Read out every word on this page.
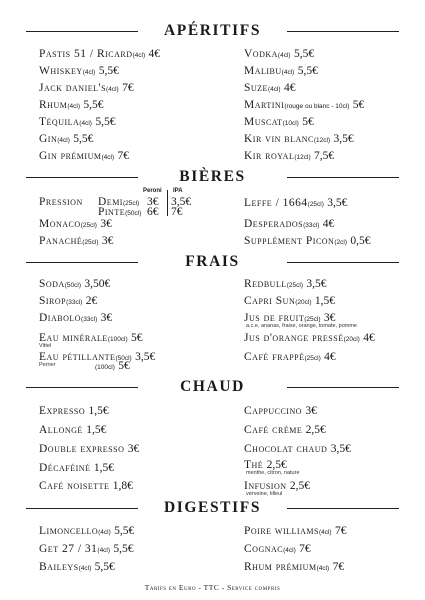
APÉRITIFS
BIÈRES
Peroni IPA
Pression Demi(25cl) 3€ 3,5€
Pinte(50cl) 6€ 7€
FRAIS
CHAUD
DIGESTIFS
Tarifs en Euro - TTC - Service compris
Pastis 51 / Ricard(4cl) 4€
Whiskey(4cl) 5,5€
Jack daniel's(4cl) 7€
Rhum(4cl) 5,5€
Téquila(4cl) 5,5€
Gin(4cl) 5,5€
Gin prémium(4cl) 7€
Vodka(4cl) 5,5€
Malibu(4cl) 5,5€
Suze(4cl) 4€
Martini(rouge ou blanc - 10cl) 5€
Muscat(10cl) 5€
Kir vin blanc(12cl) 3,5€
Kir royal(12cl) 7,5€
Monaco(25cl) 3€
Panaché(25cl) 3€
Leffe / 1664(25cl) 3,5€
Desperados(33cl) 4€
Supplément Picon(2cl) 0,5€
Soda(50cl) 3,50€
Sirop(33cl) 2€
Diabolo(33cl) 3€
Eau minérale(100cl) 5€
Vittel
Eau pétillante(50cl) 3,5€
(100cl) 5€
Perrier
Redbull(25cl) 3,5€
Capri Sun(20cl) 1,5€
Jus de fruit(25cl) 3€
a.c.e, ananas, fraise, orange, tomate, pomme
Jus d'orange pressé(20cl) 4€
Café frappé(25cl) 4€
Expresso 1,5€
Allongé 1,5€
Double expresso 3€
Décaféiné 1,5€
Café noisette 1,8€
Cappuccino 3€
Café crème 2,5€
Chocolat chaud 3,5€
Thé 2,5€
menthe, citron, nature
Infusion 2,5€
verveine, tilleul
Limoncello(4cl) 5,5€
Get 27 / 31(4cl) 5,5€
Baileys(4cl) 5,5€
Poire williams(4cl) 7€
Cognac(4cl) 7€
Rhum prémium(4cl) 7€
